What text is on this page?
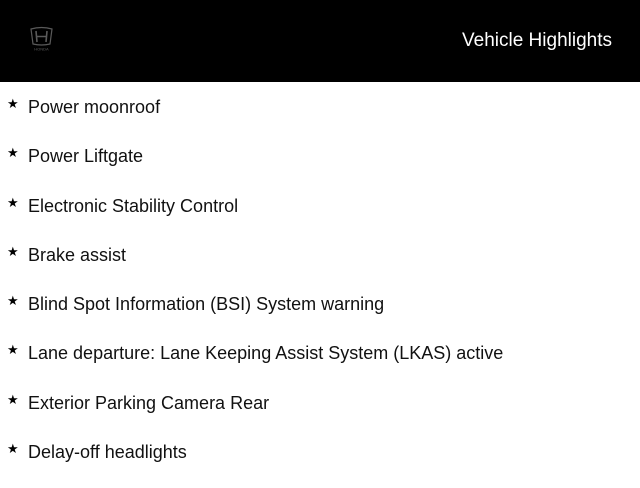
HONDA	Vehicle Highlights
★ Power moonroof
★ Power Liftgate
★ Electronic Stability Control
★ Brake assist
★ Blind Spot Information (BSI) System warning
★ Lane departure: Lane Keeping Assist System (LKAS) active
★ Exterior Parking Camera Rear
★ Delay-off headlights
